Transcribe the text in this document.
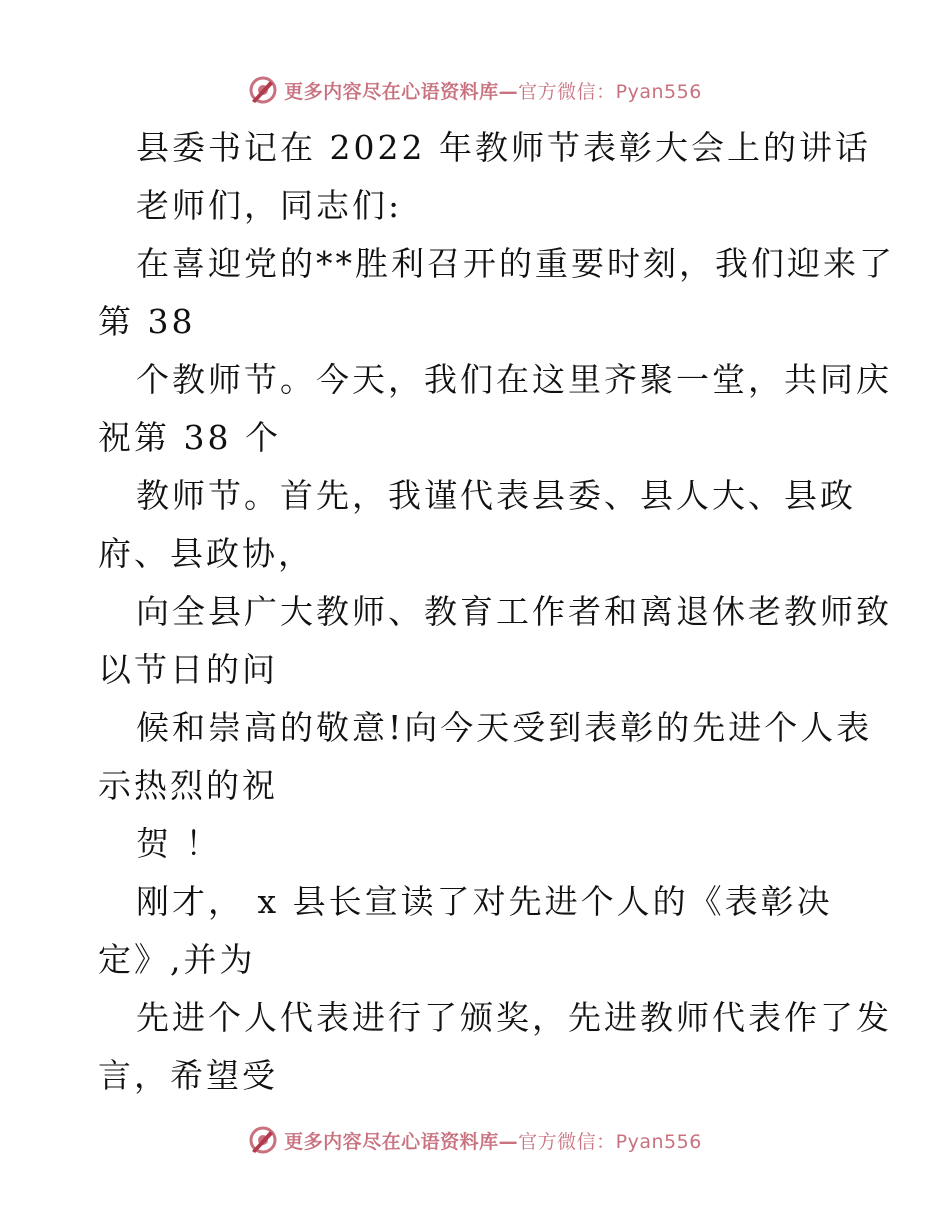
更多内容尽在心语资料库—官方微信：Pyan556
县委书记在 2022 年教师节表彰大会上的讲话
老师们，同志们:
在喜迎党的**胜利召开的重要时刻，我们迎来了
第 38
个教师节。今天，我们在这里齐聚一堂，共同庆
祝第 38 个
教师节。首先，我谨代表县委、县人大、县政
府、县政协，
向全县广大教师、教育工作者和离退休老教师致
以节日的问
候和崇高的敬意!向今天受到表彰的先进个人表
示热烈的祝
贺 ！
刚才， x 县长宣读了对先进个人的《表彰决
定》,并为
先进个人代表进行了颁奖，先进教师代表作了发
言，希望受
更多内容尽在心语资料库—官方微信：Pyan556
